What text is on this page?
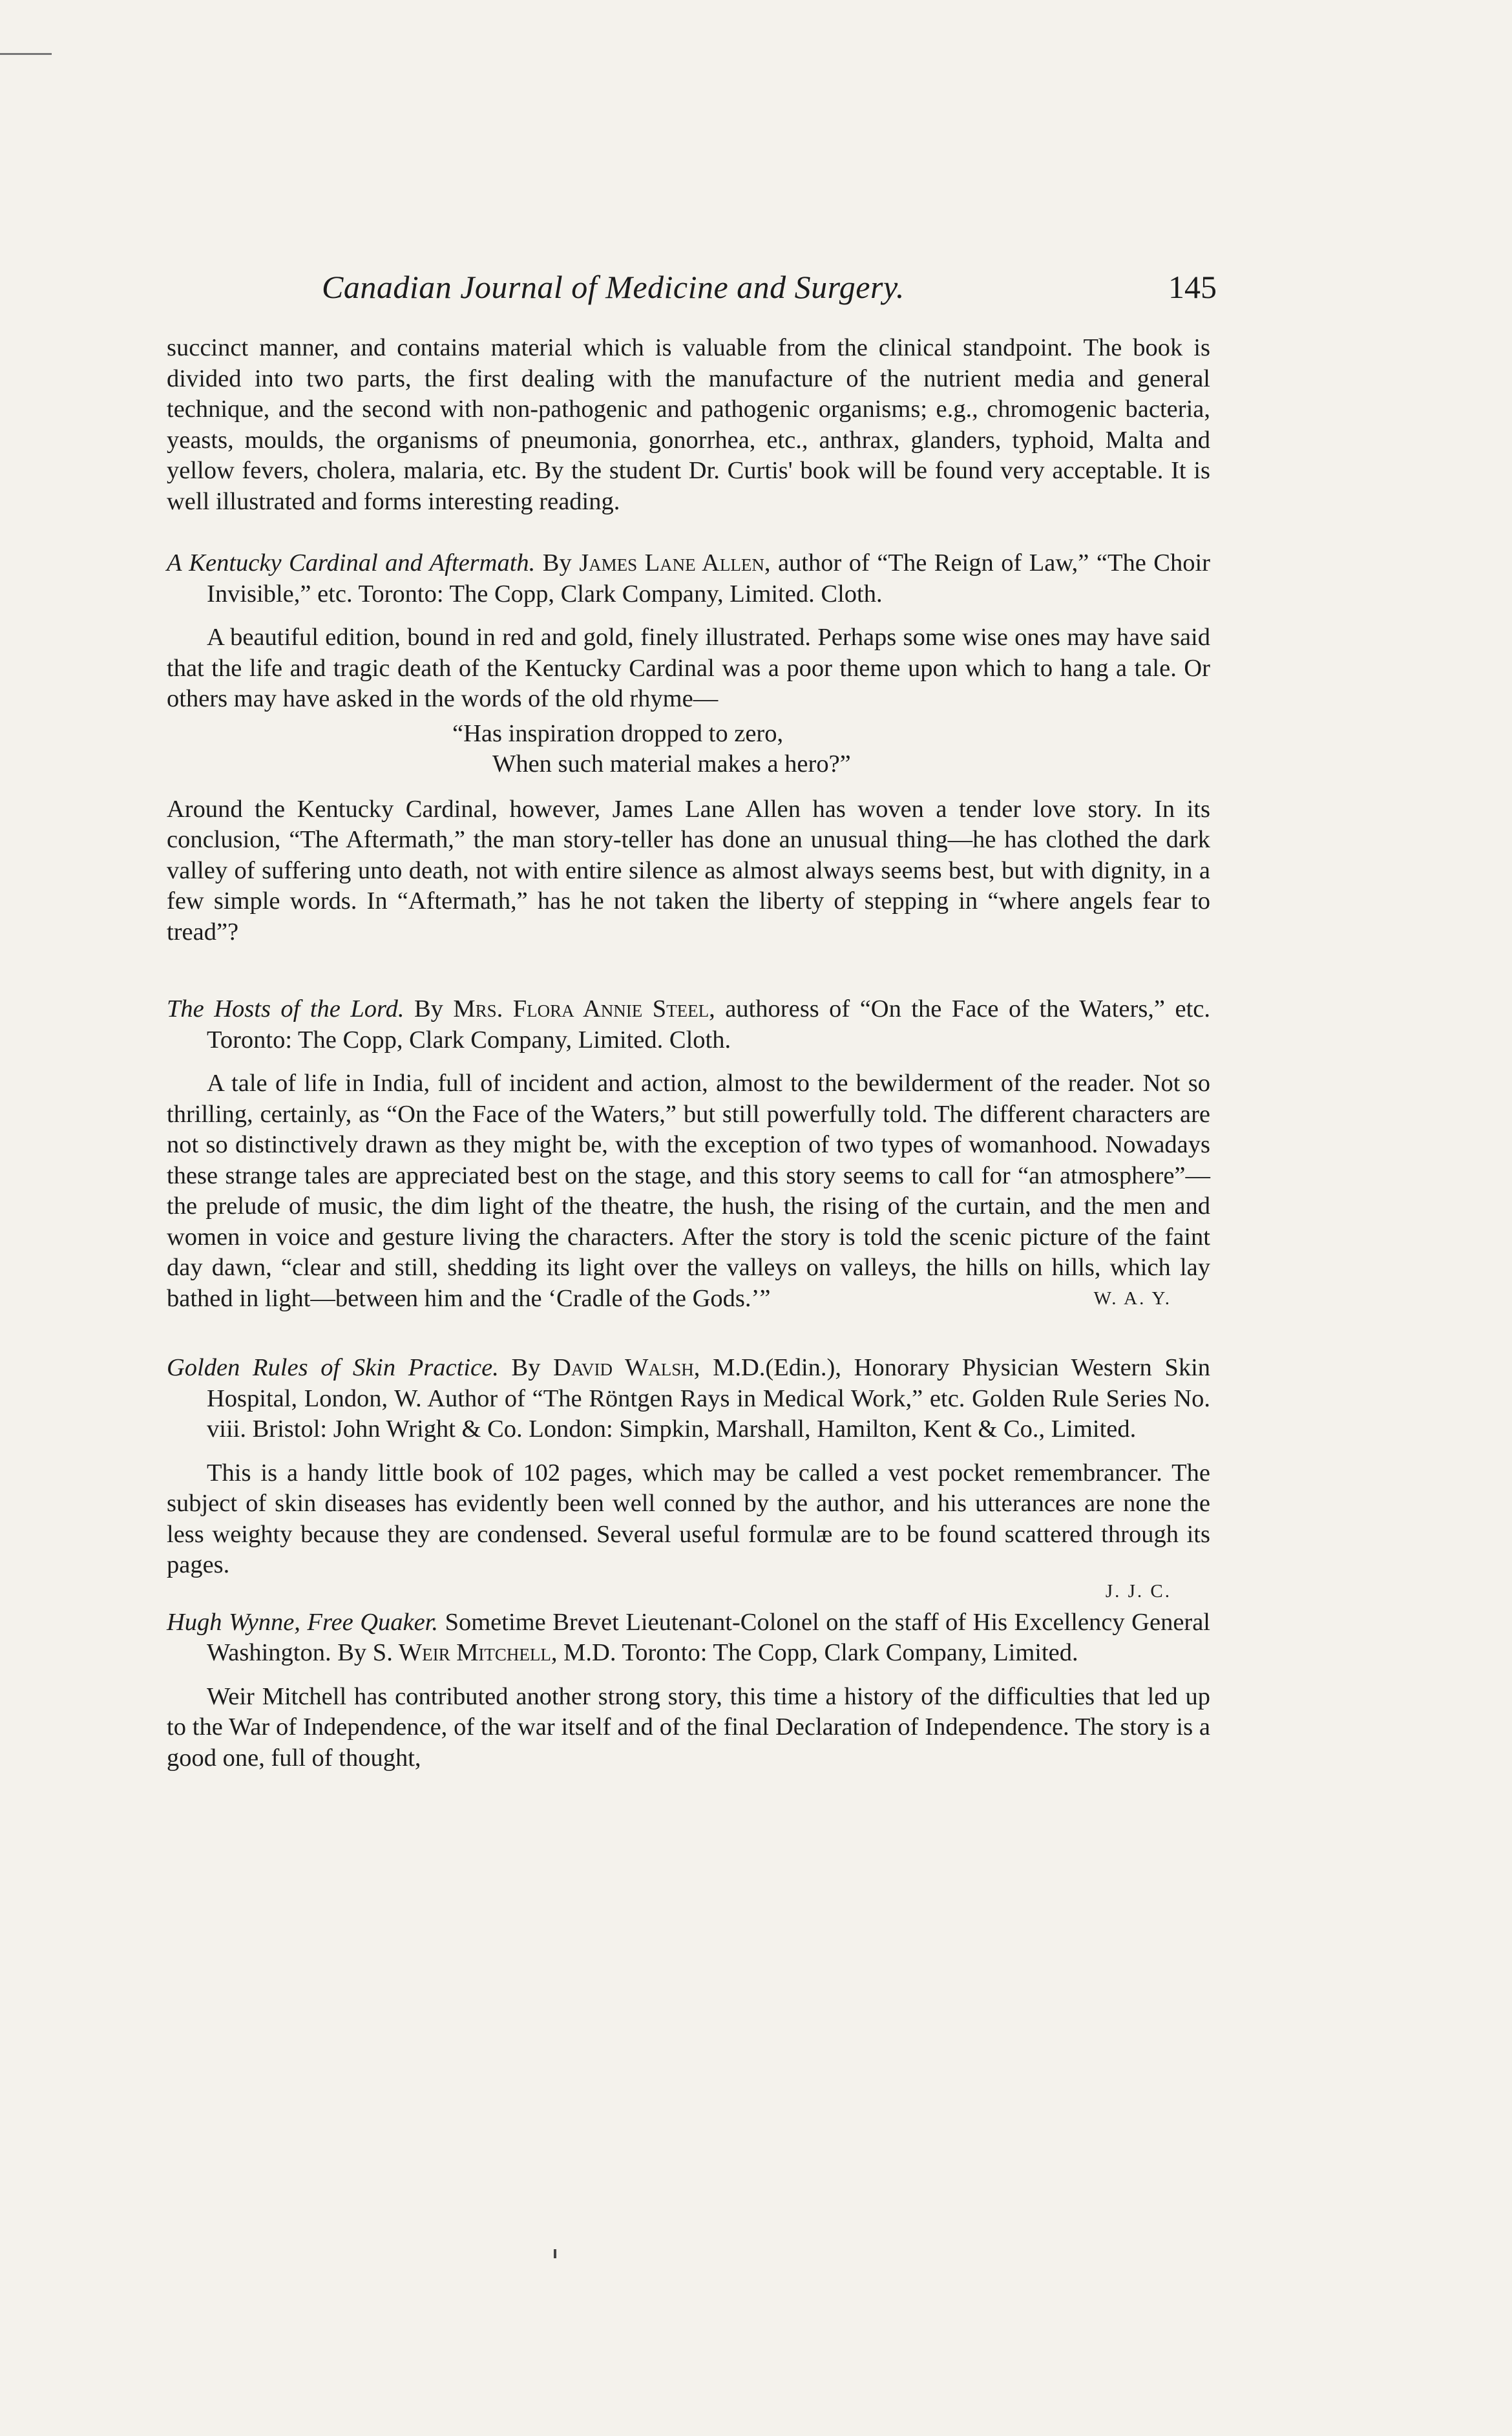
Canadian Journal of Medicine and Surgery.	145

succinct manner, and contains material which is valuable from the clinical standpoint. The book is divided into two parts, the first dealing with the manufacture of the nutrient media and general technique, and the second with non-pathogenic and pathogenic organisms; e.g., chromogenic bacteria, yeasts, moulds, the organisms of pneumonia, gonorrhea, etc., anthrax, glanders, typhoid, Malta and yellow fevers, cholera, malaria, etc. By the student Dr. Curtis' book will be found very acceptable. It is well illustrated and forms interesting reading.

A Kentucky Cardinal and Aftermath. By James Lane Allen, author of “The Reign of Law,” “The Choir Invisible,” etc. Toronto: The Copp, Clark Company, Limited. Cloth.

A beautiful edition, bound in red and gold, finely illustrated. Perhaps some wise ones may have said that the life and tragic death of the Kentucky Cardinal was a poor theme upon which to hang a tale. Or others may have asked in the words of the old rhyme—

“Has inspiration dropped to zero,
When such material makes a hero?”

Around the Kentucky Cardinal, however, James Lane Allen has woven a tender love story. In its conclusion, “The Aftermath,” the man story-teller has done an unusual thing—he has clothed the dark valley of suffering unto death, not with entire silence as almost always seems best, but with dignity, in a few simple words. In “Aftermath,” has he not taken the liberty of stepping in “where angels fear to tread”?

The Hosts of the Lord. By Mrs. Flora Annie Steel, authoress of “On the Face of the Waters,” etc. Toronto: The Copp, Clark Company, Limited. Cloth.

A tale of life in India, full of incident and action, almost to the bewilderment of the reader. Not so thrilling, certainly, as “On the Face of the Waters,” but still powerfully told. The different characters are not so distinctively drawn as they might be, with the exception of two types of womanhood. Nowadays these strange tales are appreciated best on the stage, and this story seems to call for “an atmosphere”—the prelude of music, the dim light of the theatre, the hush, the rising of the curtain, and the men and women in voice and gesture living the characters. After the story is told the scenic picture of the faint day dawn, “clear and still, shedding its light over the valleys on valleys, the hills on hills, which lay bathed in light—between him and the ‘Cradle of the Gods.’”	W. A. Y.

Golden Rules of Skin Practice. By David Walsh, M.D.(Edin.), Honorary Physician Western Skin Hospital, London, W. Author of “The Röntgen Rays in Medical Work,” etc. Golden Rule Series No. viii. Bristol: John Wright & Co. London: Simpkin, Marshall, Hamilton, Kent & Co., Limited.

This is a handy little book of 102 pages, which may be called a vest pocket remembrancer. The subject of skin diseases has evidently been well conned by the author, and his utterances are none the less weighty because they are condensed. Several useful formulæ are to be found scattered through its pages.

J. J. C.

Hugh Wynne, Free Quaker. Sometime Brevet Lieutenant-Colonel on the staff of His Excellency General Washington. By S. Weir Mitchell, M.D. Toronto: The Copp, Clark Company, Limited.

Weir Mitchell has contributed another strong story, this time a history of the difficulties that led up to the War of Independence, of the war itself and of the final Declaration of Independence. The story is a good one, full of thought,
